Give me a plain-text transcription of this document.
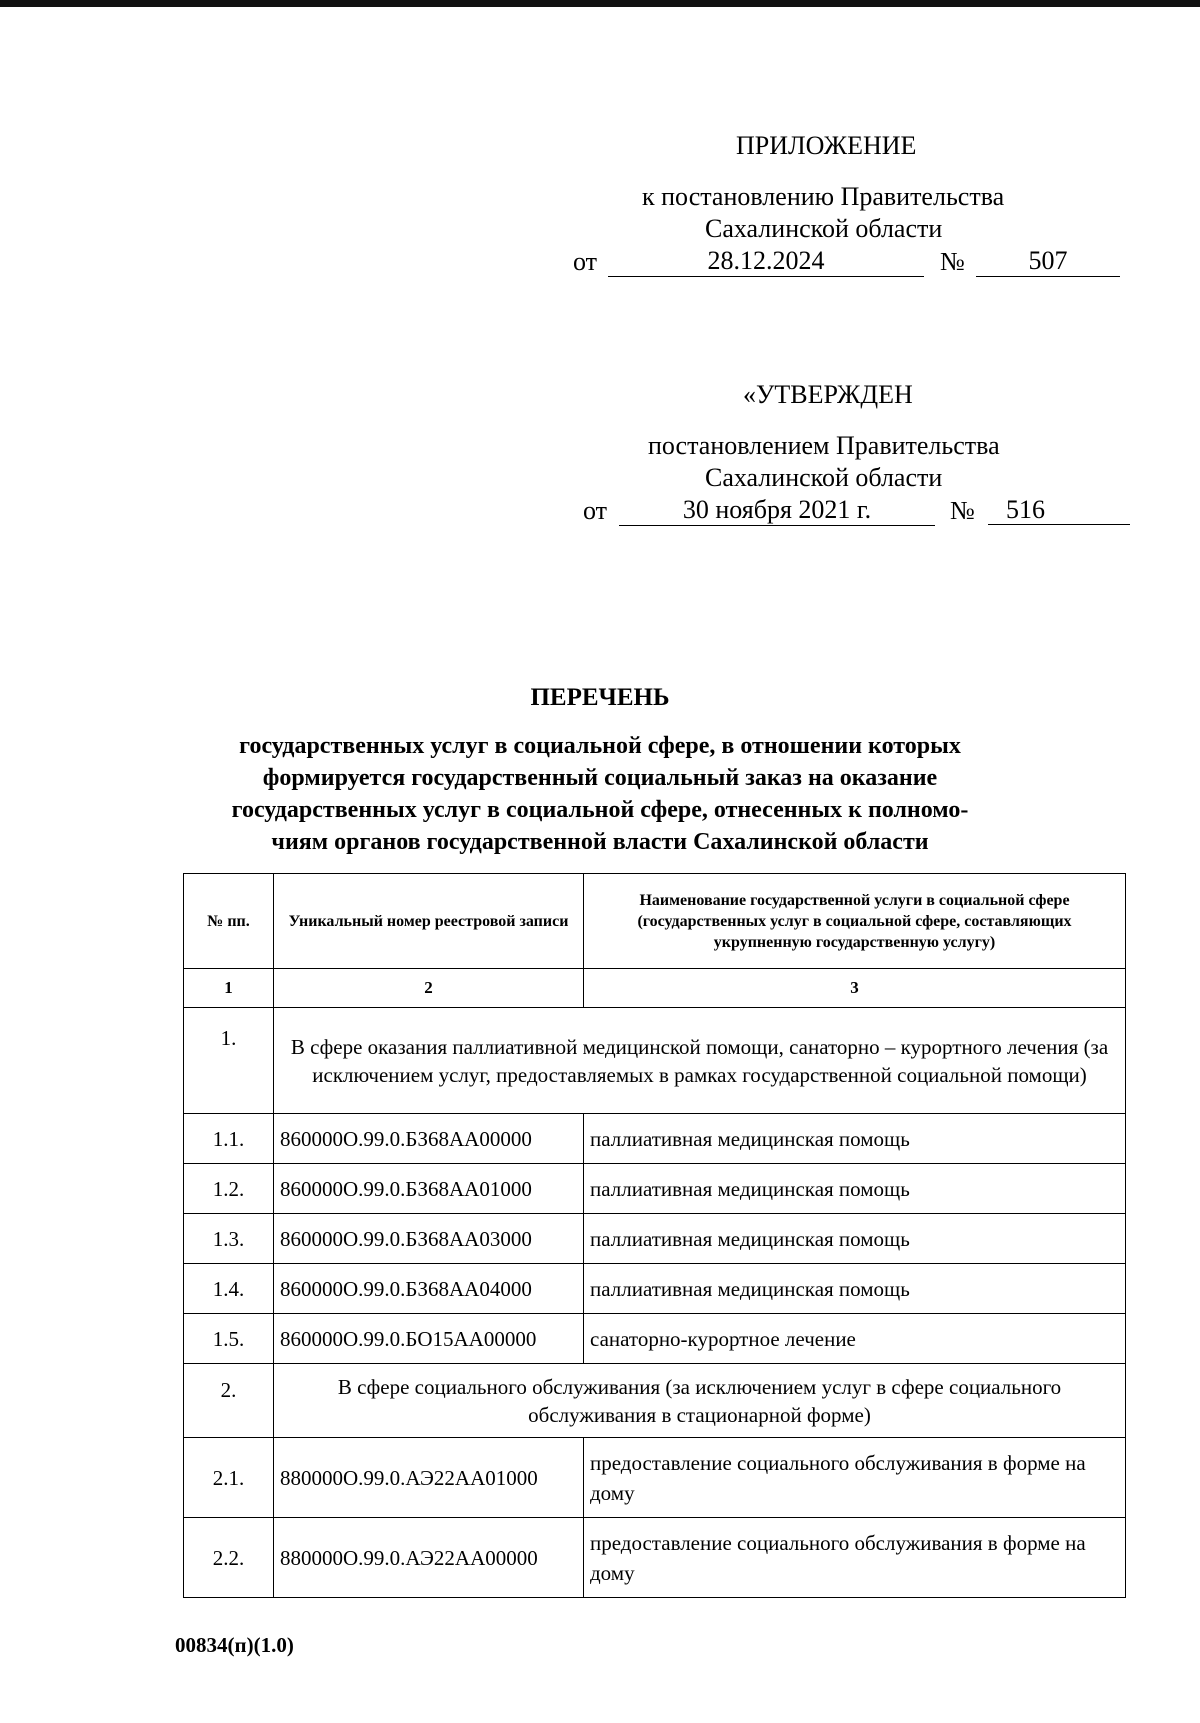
ПРИЛОЖЕНИЕ
к постановлению Правительства
Сахалинской области
от	28.12.2024	№	507
«УТВЕРЖДЕН
постановлением Правительства
Сахалинской области
от	30 ноября 2021 г.	№	516
ПЕРЕЧЕНЬ
государственных услуг в социальной сфере, в отношении которых
формируется государственный социальный заказ на оказание
государственных услуг в социальной сфере, отнесенных к полномо-
чиям органов государственной власти Сахалинской области
№ пп.	Уникальный номер реестровой записи	Наименование государственной услуги в социальной сфере (государственных услуг в социальной сфере, составляющих укрупненную государственную услугу)
1	2	3
1.	В сфере оказания паллиативной медицинской помощи, санаторно – курортного лечения (за исключением услуг, предоставляемых в рамках государственной социальной помощи)	
1.1.	860000О.99.0.БЗ68АА00000	паллиативная медицинская помощь
1.2.	860000О.99.0.БЗ68АА01000	паллиативная медицинская помощь
1.3.	860000О.99.0.БЗ68АА03000	паллиативная медицинская помощь
1.4.	860000О.99.0.БЗ68АА04000	паллиативная медицинская помощь
1.5.	860000О.99.0.БО15АА00000	санаторно-курортное лечение
2.	В сфере социального обслуживания (за исключением услуг в сфере социального обслуживания в стационарной форме)	
2.1.	880000О.99.0.АЭ22АА01000	предоставление социального обслуживания в форме на дому
2.2.	880000О.99.0.АЭ22АА00000	предоставление социального обслуживания в форме на дому
00834(п)(1.0)
